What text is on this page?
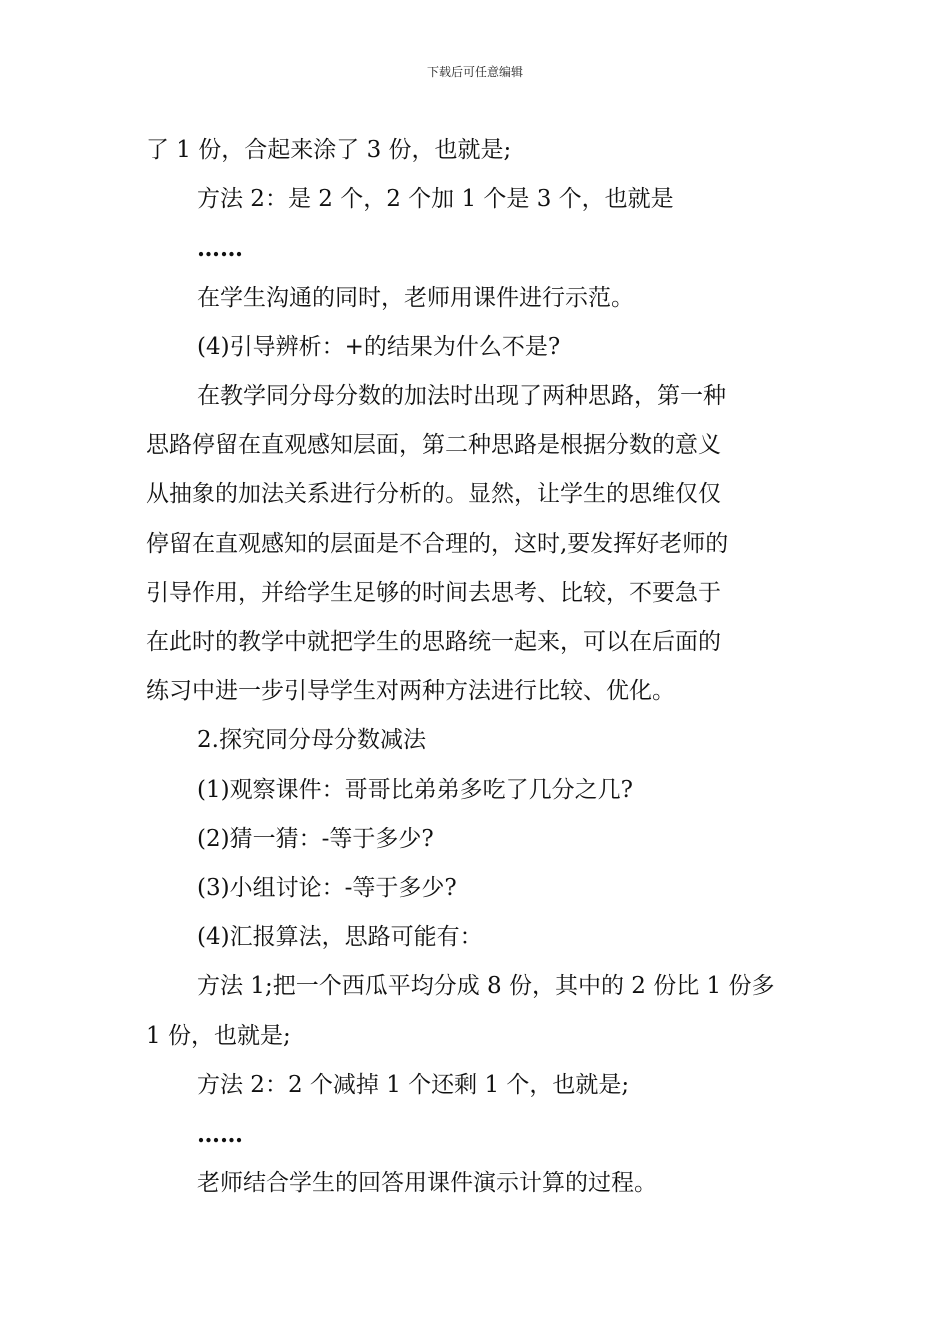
下载后可任意编辑

了 1 份，合起来涂了 3 份，也就是;

方法 2：是 2 个，2 个加 1 个是 3 个，也就是

……

在学生沟通的同时，老师用课件进行示范。

(4)引导辨析：+的结果为什么不是?

在教学同分母分数的加法时出现了两种思路，第一种

思路停留在直观感知层面，第二种思路是根据分数的意义

从抽象的加法关系进行分析的。显然，让学生的思维仅仅

停留在直观感知的层面是不合理的，这时,要发挥好老师的

引导作用，并给学生足够的时间去思考、比较，不要急于

在此时的教学中就把学生的思路统一起来，可以在后面的

练习中进一步引导学生对两种方法进行比较、优化。

2.探究同分母分数减法

(1)观察课件：哥哥比弟弟多吃了几分之几?

(2)猜一猜：-等于多少?

(3)小组讨论：-等于多少?

(4)汇报算法，思路可能有：

方法 1;把一个西瓜平均分成 8 份，其中的 2 份比 1 份多

1 份，也就是;

方法 2：2 个减掉 1 个还剩 1 个，也就是;

……

老师结合学生的回答用课件演示计算的过程。
